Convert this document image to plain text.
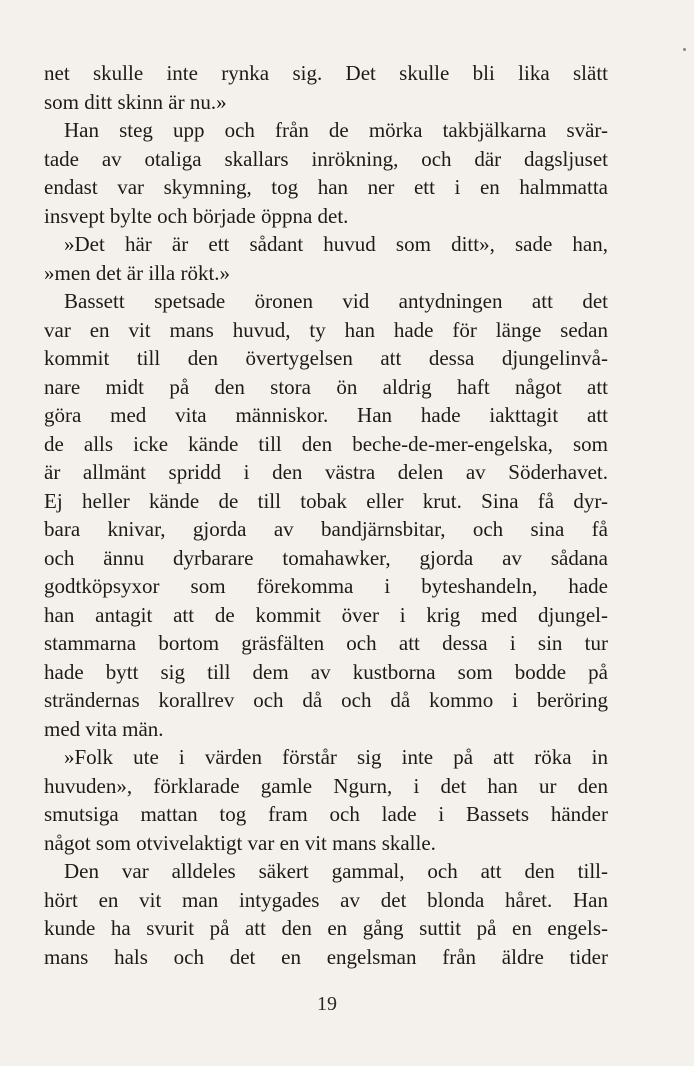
net skulle inte rynka sig. Det skulle bli lika slätt
som ditt skinn är nu.»
Han steg upp och från de mörka takbjälkarna svär-
tade av otaliga skallars inrökning, och där dagsljuset
endast var skymning, tog han ner ett i en halmmatta
insvept bylte och började öppna det.
»Det här är ett sådant huvud som ditt», sade han,
»men det är illa rökt.»
Bassett spetsade öronen vid antydningen att det
var en vit mans huvud, ty han hade för länge sedan
kommit till den övertygelsen att dessa djungelinvå-
nare midt på den stora ön aldrig haft något att
göra med vita människor. Han hade iakttagit att
de alls icke kände till den beche-de-mer-engelska, som
är allmänt spridd i den västra delen av Söderhavet.
Ej heller kände de till tobak eller krut. Sina få dyr-
bara knivar, gjorda av bandjärnsbitar, och sina få
och ännu dyrbarare tomahawker, gjorda av sådana
godtköpsyxor som förekomma i byteshandeln, hade
han antagit att de kommit över i krig med djungel-
stammarna bortom gräsfälten och att dessa i sin tur
hade bytt sig till dem av kustborna som bodde på
strändernas korallrev och då och då kommo i beröring
med vita män.
»Folk ute i värden förstår sig inte på att röka in
huvuden», förklarade gamle Ngurn, i det han ur den
smutsiga mattan tog fram och lade i Bassets händer
något som otvivelaktigt var en vit mans skalle.
Den var alldeles säkert gammal, och att den till-
hört en vit man intygades av det blonda håret. Han
kunde ha svurit på att den en gång suttit på en engels-
mans hals och det en engelsman från äldre tider
19
